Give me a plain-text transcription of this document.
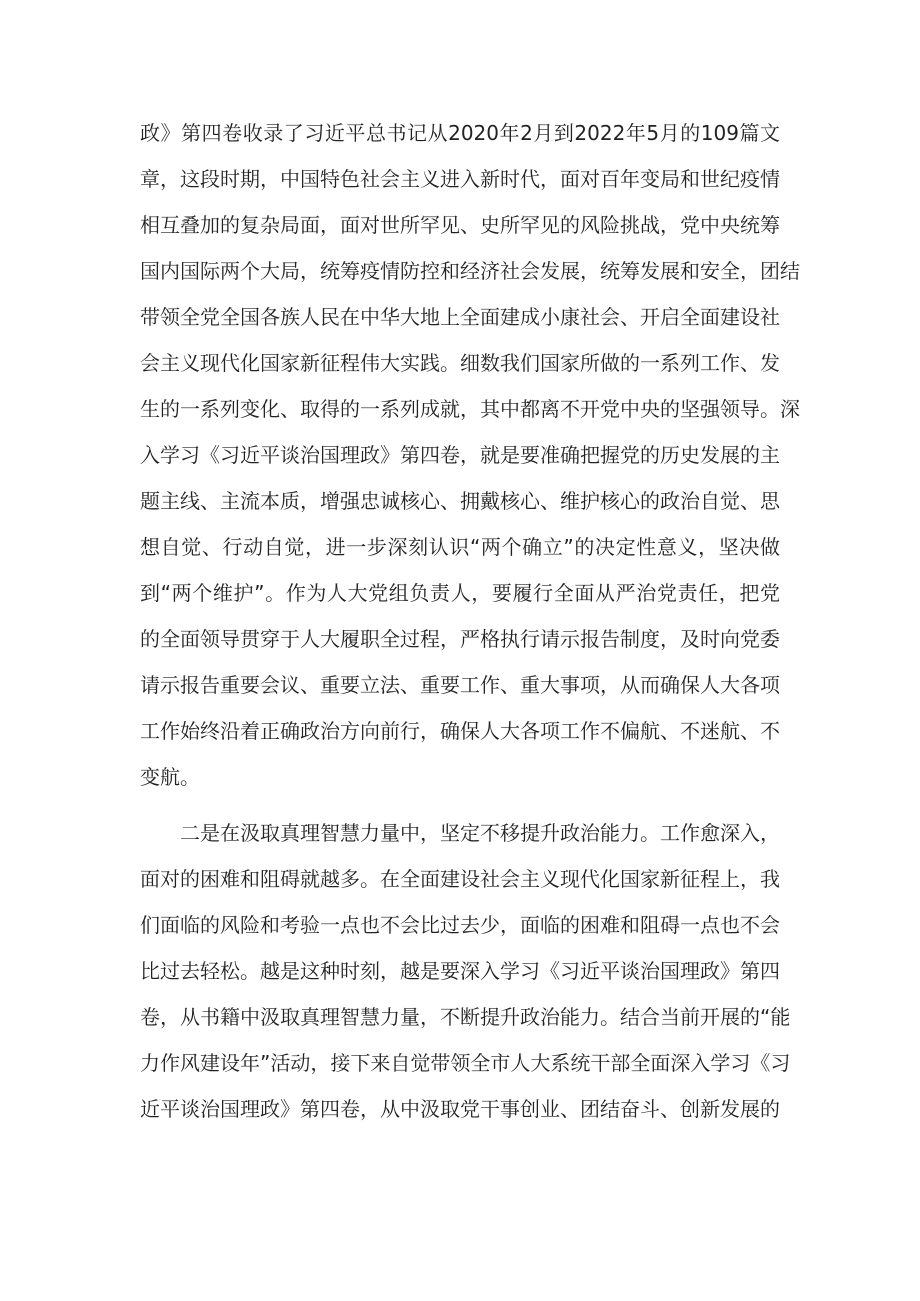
政》第四卷收录了习近平总书记从2020年2月到2022年5月的109篇文
章，这段时期，中国特色社会主义进入新时代，面对百年变局和世纪疫情
相互叠加的复杂局面，面对世所罕见、史所罕见的风险挑战，党中央统筹
国内国际两个大局，统筹疫情防控和经济社会发展，统筹发展和安全，团结
带领全党全国各族人民在中华大地上全面建成小康社会、开启全面建设社
会主义现代化国家新征程伟大实践。细数我们国家所做的一系列工作、发
生的一系列变化、取得的一系列成就，其中都离不开党中央的坚强领导。深
入学习《习近平谈治国理政》第四卷，就是要准确把握党的历史发展的主
题主线、主流本质，增强忠诚核心、拥戴核心、维护核心的政治自觉、思
想自觉、行动自觉，进一步深刻认识“两个确立”的决定性意义，坚决做
到“两个维护”。作为人大党组负责人，要履行全面从严治党责任，把党
的全面领导贯穿于人大履职全过程，严格执行请示报告制度，及时向党委
请示报告重要会议、重要立法、重要工作、重大事项，从而确保人大各项
工作始终沿着正确政治方向前行，确保人大各项工作不偏航、不迷航、不
变航。
二是在汲取真理智慧力量中，坚定不移提升政治能力。工作愈深入，
面对的困难和阻碍就越多。在全面建设社会主义现代化国家新征程上，我
们面临的风险和考验一点也不会比过去少，面临的困难和阻碍一点也不会
比过去轻松。越是这种时刻，越是要深入学习《习近平谈治国理政》第四
卷，从书籍中汲取真理智慧力量，不断提升政治能力。结合当前开展的“能
力作风建设年”活动，接下来自觉带领全市人大系统干部全面深入学习《习
近平谈治国理政》第四卷，从中汲取党干事创业、团结奋斗、创新发展的
